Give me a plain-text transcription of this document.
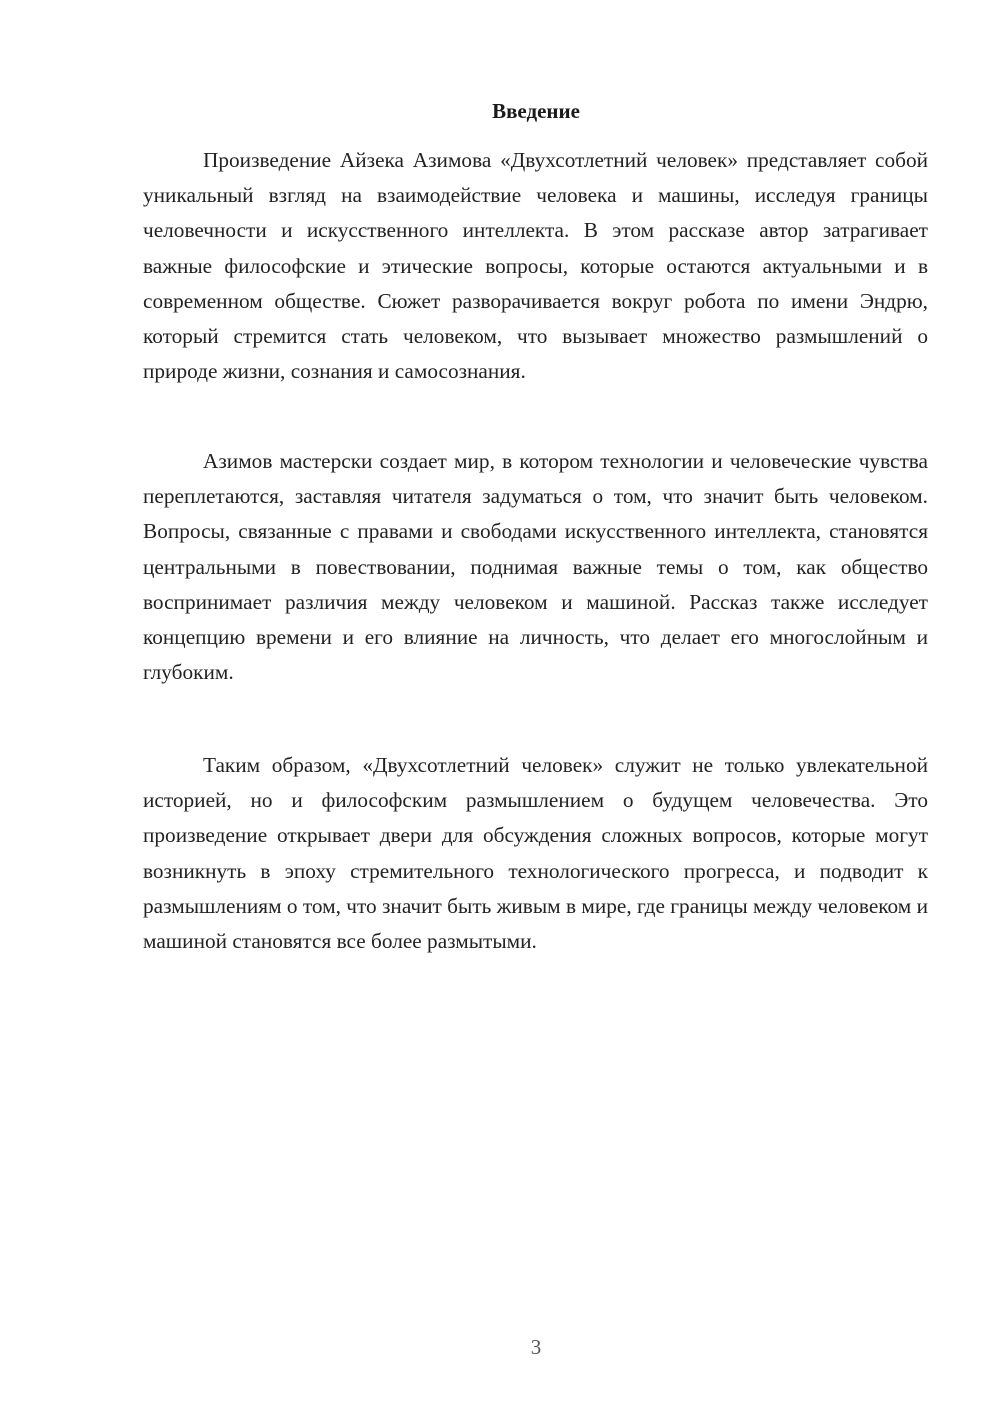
Введение

Произведение Айзека Азимова «Двухсотлетний человек» представляет собой уникальный взгляд на взаимодействие человека и машины, исследуя границы человечности и искусственного интеллекта. В этом рассказе автор затрагивает важные философские и этические вопросы, которые остаются актуальными и в современном обществе. Сюжет разворачивается вокруг робота по имени Эндрю, который стремится стать человеком, что вызывает множество размышлений о природе жизни, сознания и самосознания.

Азимов мастерски создает мир, в котором технологии и человеческие чувства переплетаются, заставляя читателя задуматься о том, что значит быть человеком. Вопросы, связанные с правами и свободами искусственного интеллекта, становятся центральными в повествовании, поднимая важные темы о том, как общество воспринимает различия между человеком и машиной. Рассказ также исследует концепцию времени и его влияние на личность, что делает его многослойным и глубоким.

Таким образом, «Двухсотлетний человек» служит не только увлекательной историей, но и философским размышлением о будущем человечества. Это произведение открывает двери для обсуждения сложных вопросов, которые могут возникнуть в эпоху стремительного технологического прогресса, и подводит к размышлениям о том, что значит быть живым в мире, где границы между человеком и машиной становятся все более размытыми.

3
